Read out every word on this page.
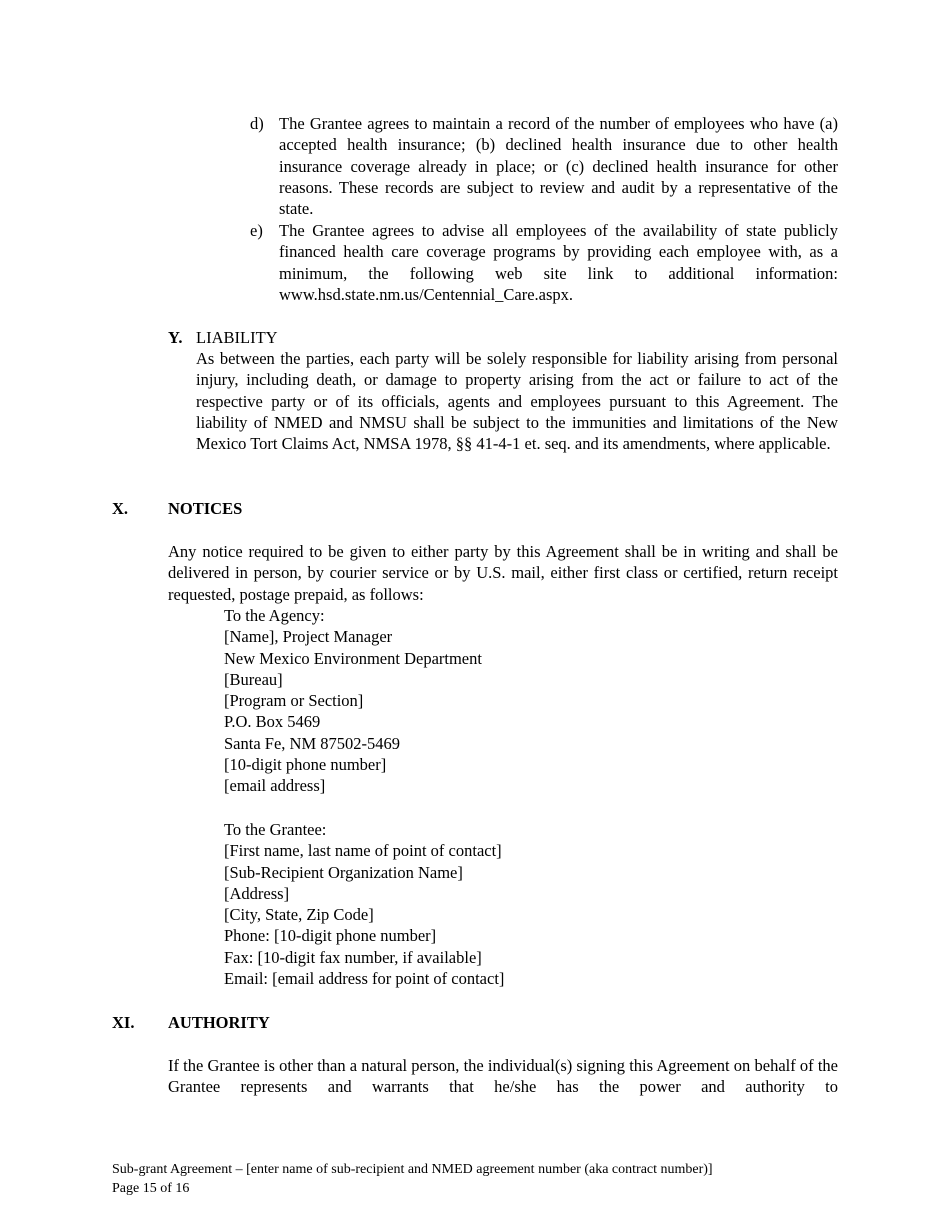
d) The Grantee agrees to maintain a record of the number of employees who have (a) accepted health insurance; (b) declined health insurance due to other health insurance coverage already in place; or (c) declined health insurance for other reasons. These records are subject to review and audit by a representative of the state.

e) The Grantee agrees to advise all employees of the availability of state publicly financed health care coverage programs by providing each employee with, as a minimum, the following web site link to additional information: www.hsd.state.nm.us/Centennial_Care.aspx.

Y. LIABILITY

As between the parties, each party will be solely responsible for liability arising from personal injury, including death, or damage to property arising from the act or failure to act of the respective party or of its officials, agents and employees pursuant to this Agreement. The liability of NMED and NMSU shall be subject to the immunities and limitations of the New Mexico Tort Claims Act, NMSA 1978, §§ 41-4-1 et. seq. and its amendments, where applicable.

X. NOTICES

Any notice required to be given to either party by this Agreement shall be in writing and shall be delivered in person, by courier service or by U.S. mail, either first class or certified, return receipt requested, postage prepaid, as follows:

To the Agency:
[Name], Project Manager
New Mexico Environment Department
[Bureau]
[Program or Section]
P.O. Box 5469
Santa Fe, NM 87502-5469
[10-digit phone number]
[email address]
To the Grantee:
[First name, last name of point of contact]
[Sub-Recipient Organization Name]
[Address]
[City, State, Zip Code]
Phone: [10-digit phone number]
Fax: [10-digit fax number, if available]
Email: [email address for point of contact]
XI. AUTHORITY

If the Grantee is other than a natural person, the individual(s) signing this Agreement on behalf of the Grantee represents and warrants that he/she has the power and authority to

Sub-grant Agreement – [enter name of sub-recipient and NMED agreement number (aka contract number)]
Page 15 of 16
